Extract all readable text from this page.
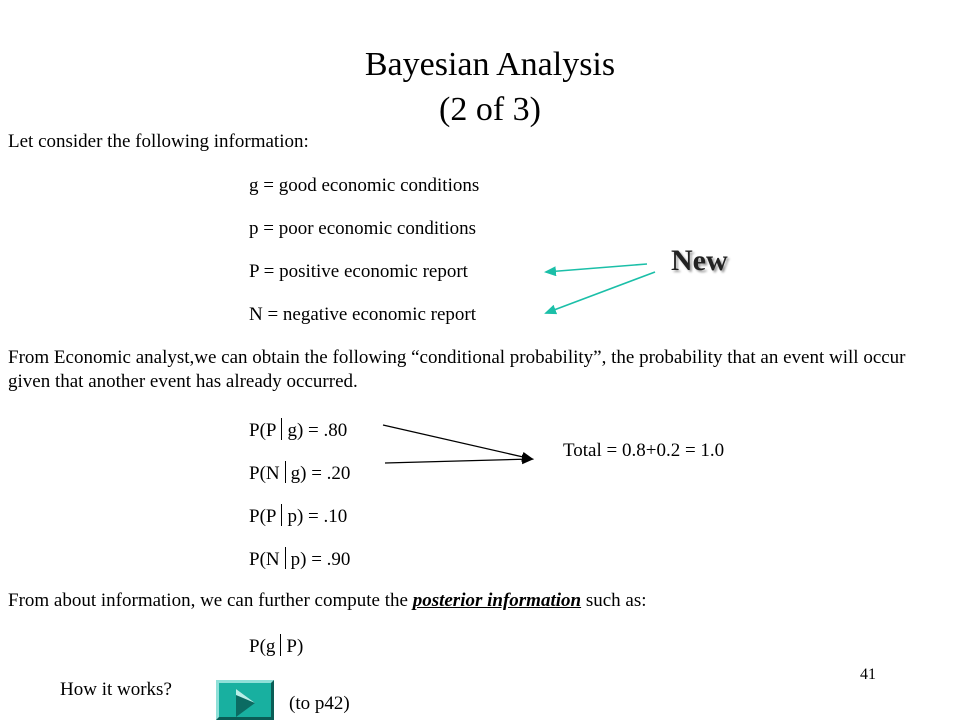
Bayesian Analysis
(2 of 3)
Let consider the following information:
g = good economic conditions
p = poor economic conditions
P = positive economic report
N = negative economic report
New
From Economic analyst,we can obtain the following “conditional probability”, the probability that an event will occur given that another event has already occurred.
P(P g) = .80
P(N g) = .20
P(P p) = .10
P(N p) = .90
Total = 0.8+0.2 = 1.0
From about information, we can further compute the posterior information such as:
P(g P)
How it works?
(to p42)
41
